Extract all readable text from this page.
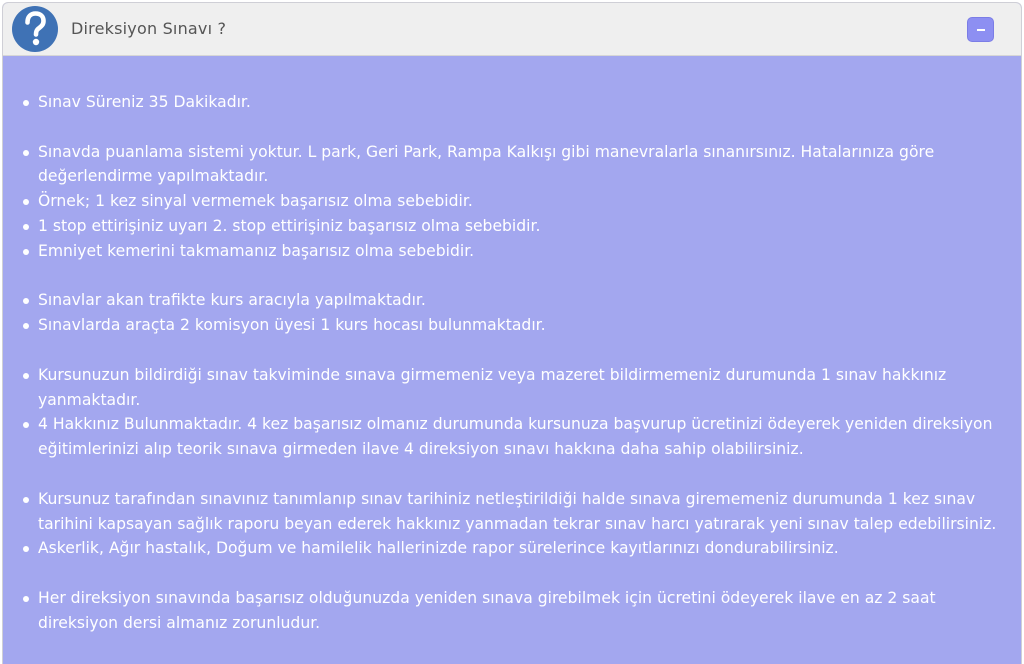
Direksiyon Sınavı ?
Sınav Süreniz 35 Dakikadır.
Sınavda puanlama sistemi yoktur. L park, Geri Park, Rampa Kalkışı gibi manevralarla sınanırsınız. Hatalarınıza göre değerlendirme yapılmaktadır.
Örnek; 1 kez sinyal vermemek başarısız olma sebebidir.
1 stop ettirişiniz uyarı 2. stop ettirişiniz başarısız olma sebebidir.
Emniyet kemerini takmamanız başarısız olma sebebidir.
Sınavlar akan trafikte kurs aracıyla yapılmaktadır.
Sınavlarda araçta 2 komisyon üyesi 1 kurs hocası bulunmaktadır.
Kursunuzun bildirdiği sınav takviminde sınava girmemeniz veya mazeret bildirmemeniz durumunda 1 sınav hakkınız yanmaktadır.
4 Hakkınız Bulunmaktadır. 4 kez başarısız olmanız durumunda kursunuza başvurup ücretinizi ödeyerek yeniden direksiyon eğitimlerinizi alıp teorik sınava girmeden ilave 4 direksiyon sınavı hakkına daha sahip olabilirsiniz.
Kursunuz tarafından sınavınız tanımlanıp sınav tarihiniz netleştirildiği halde sınava girememeniz durumunda 1 kez sınav tarihini kapsayan sağlık raporu beyan ederek hakkınız yanmadan tekrar sınav harcı yatırarak yeni sınav talep edebilirsiniz.
Askerlik, Ağır hastalık, Doğum ve hamilelik hallerinizde rapor sürelerince kayıtlarınızı dondurabilirsiniz.
Her direksiyon sınavında başarısız olduğunuzda yeniden sınava girebilmek için ücretini ödeyerek ilave en az 2 saat direksiyon dersi almanız zorunludur.
